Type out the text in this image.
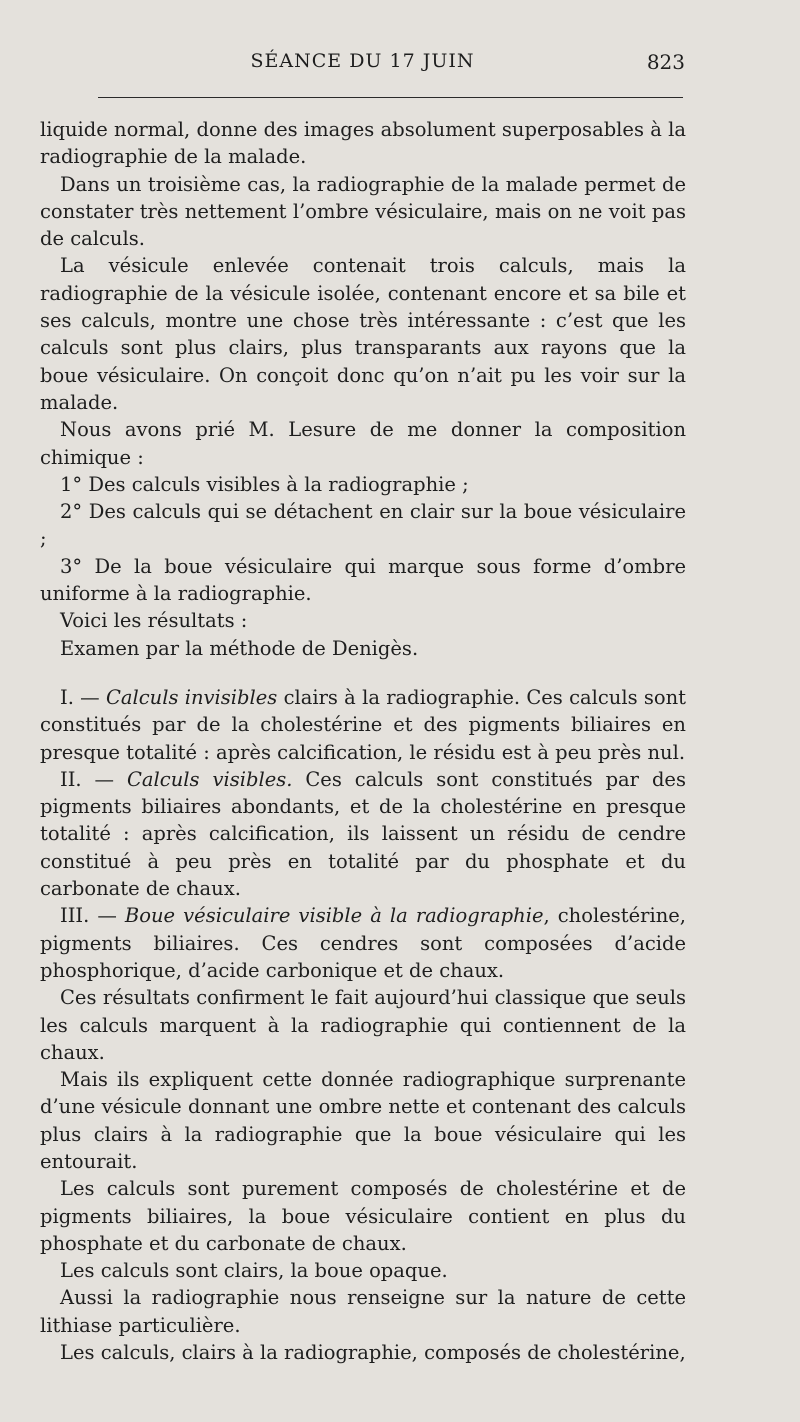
SÉANCE DU 17 JUIN	823

liquide normal, donne des images absolument superposables à la radiographie de la malade.

Dans un troisième cas, la radiographie de la malade permet de constater très nettement l’ombre vésiculaire, mais on ne voit pas de calculs.

La vésicule enlevée contenait trois calculs, mais la radiographie de la vésicule isolée, contenant encore et sa bile et ses calculs, montre une chose très intéressante : c’est que les calculs sont plus clairs, plus transparants aux rayons que la boue vésiculaire. On conçoit donc qu’on n’ait pu les voir sur la malade.

Nous avons prié M. Lesure de me donner la composition chimique :

1° Des calculs visibles à la radiographie ;

2° Des calculs qui se détachent en clair sur la boue vésiculaire ;

3° De la boue vésiculaire qui marque sous forme d’ombre uniforme à la radiographie.

Voici les résultats :

Examen par la méthode de Denigès.

I. — Calculs invisibles clairs à la radiographie. Ces calculs sont constitués par de la cholestérine et des pigments biliaires en presque totalité : après calcification, le résidu est à peu près nul.

II. — Calculs visibles. Ces calculs sont constitués par des pigments biliaires abondants, et de la cholestérine en presque totalité : après calcification, ils laissent un résidu de cendre constitué à peu près en totalité par du phosphate et du carbonate de chaux.

III. — Boue vésiculaire visible à la radiographie, cholestérine, pigments biliaires. Ces cendres sont composées d’acide phosphorique, d’acide carbonique et de chaux.

Ces résultats confirment le fait aujourd’hui classique que seuls les calculs marquent à la radiographie qui contiennent de la chaux.

Mais ils expliquent cette donnée radiographique surprenante d’une vésicule donnant une ombre nette et contenant des calculs plus clairs à la radiographie que la boue vésiculaire qui les entourait.

Les calculs sont purement composés de cholestérine et de pigments biliaires, la boue vésiculaire contient en plus du phosphate et du carbonate de chaux.

Les calculs sont clairs, la boue opaque.

Aussi la radiographie nous renseigne sur la nature de cette lithiase particulière.

Les calculs, clairs à la radiographie, composés de cholestérine,
